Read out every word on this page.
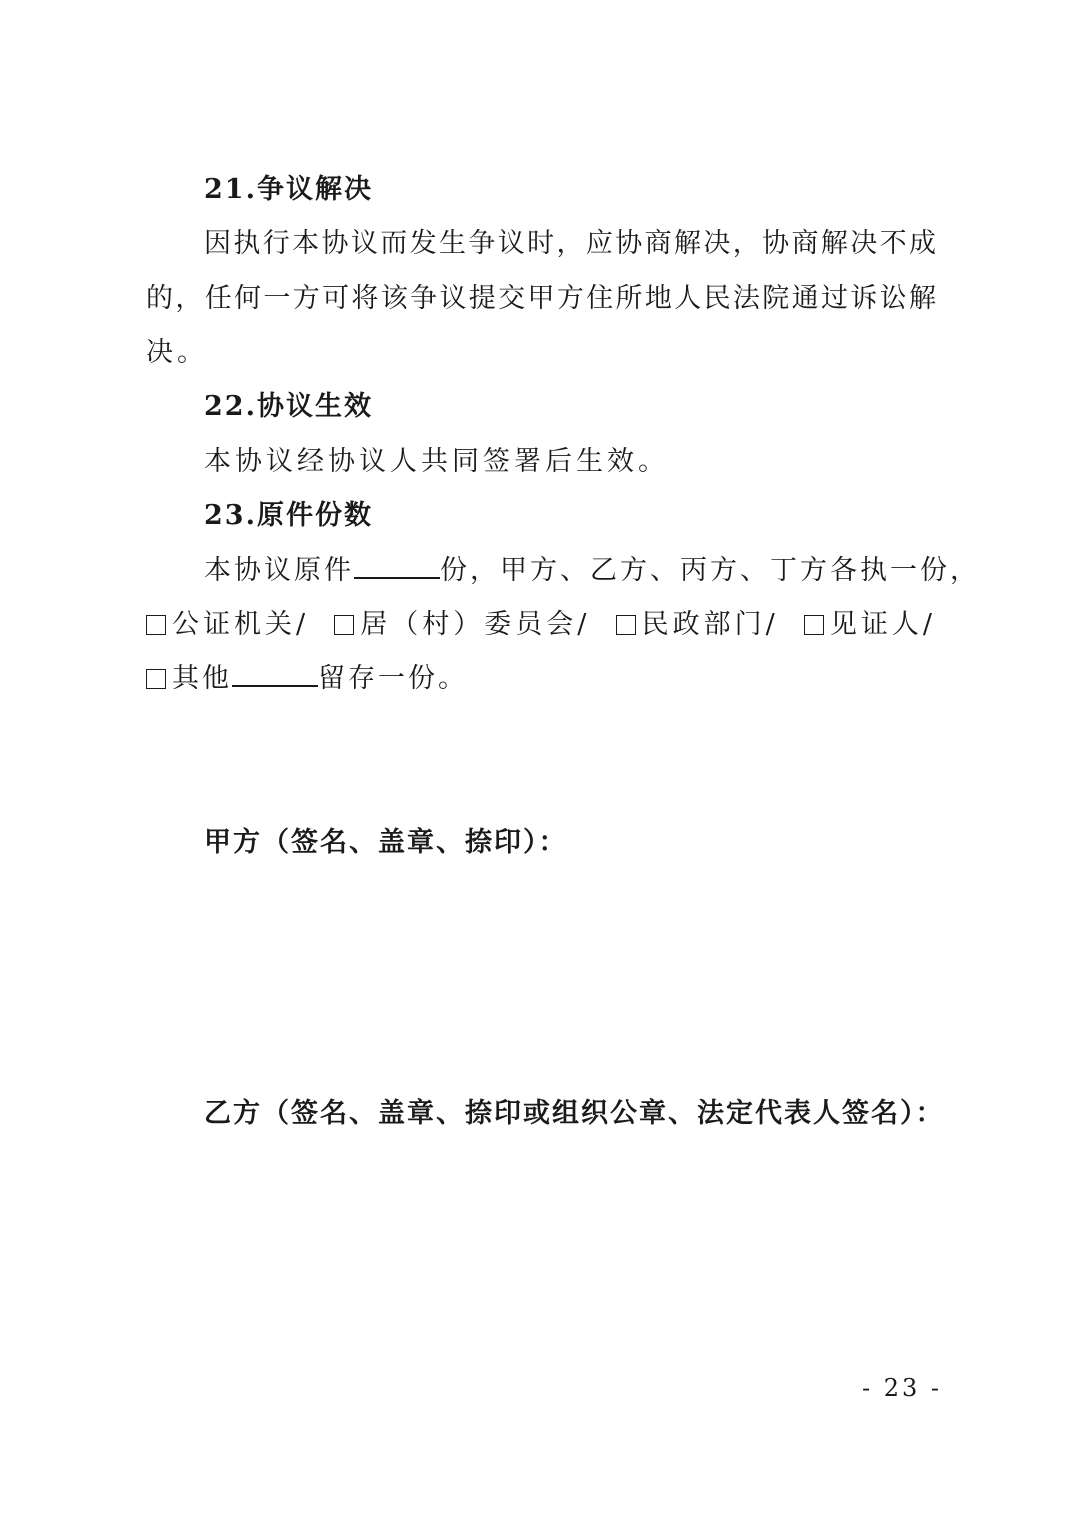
21.争议解决
因执行本协议而发生争议时，应协商解决，协商解决不成
的，任何一方可将该争议提交甲方住所地人民法院通过诉讼解
决。
22.协议生效
本协议经协议人共同签署后生效。
23.原件份数
本协议原件	份，甲方、乙方、丙方、丁方各执一份，
公证机关/ 居（村）委员会/ 民政部门/ 见证人/
其他	留存一份。
甲方（签名、盖章、捺印）：
乙方（签名、盖章、捺印或组织公章、法定代表人签名）：
- 23 -
